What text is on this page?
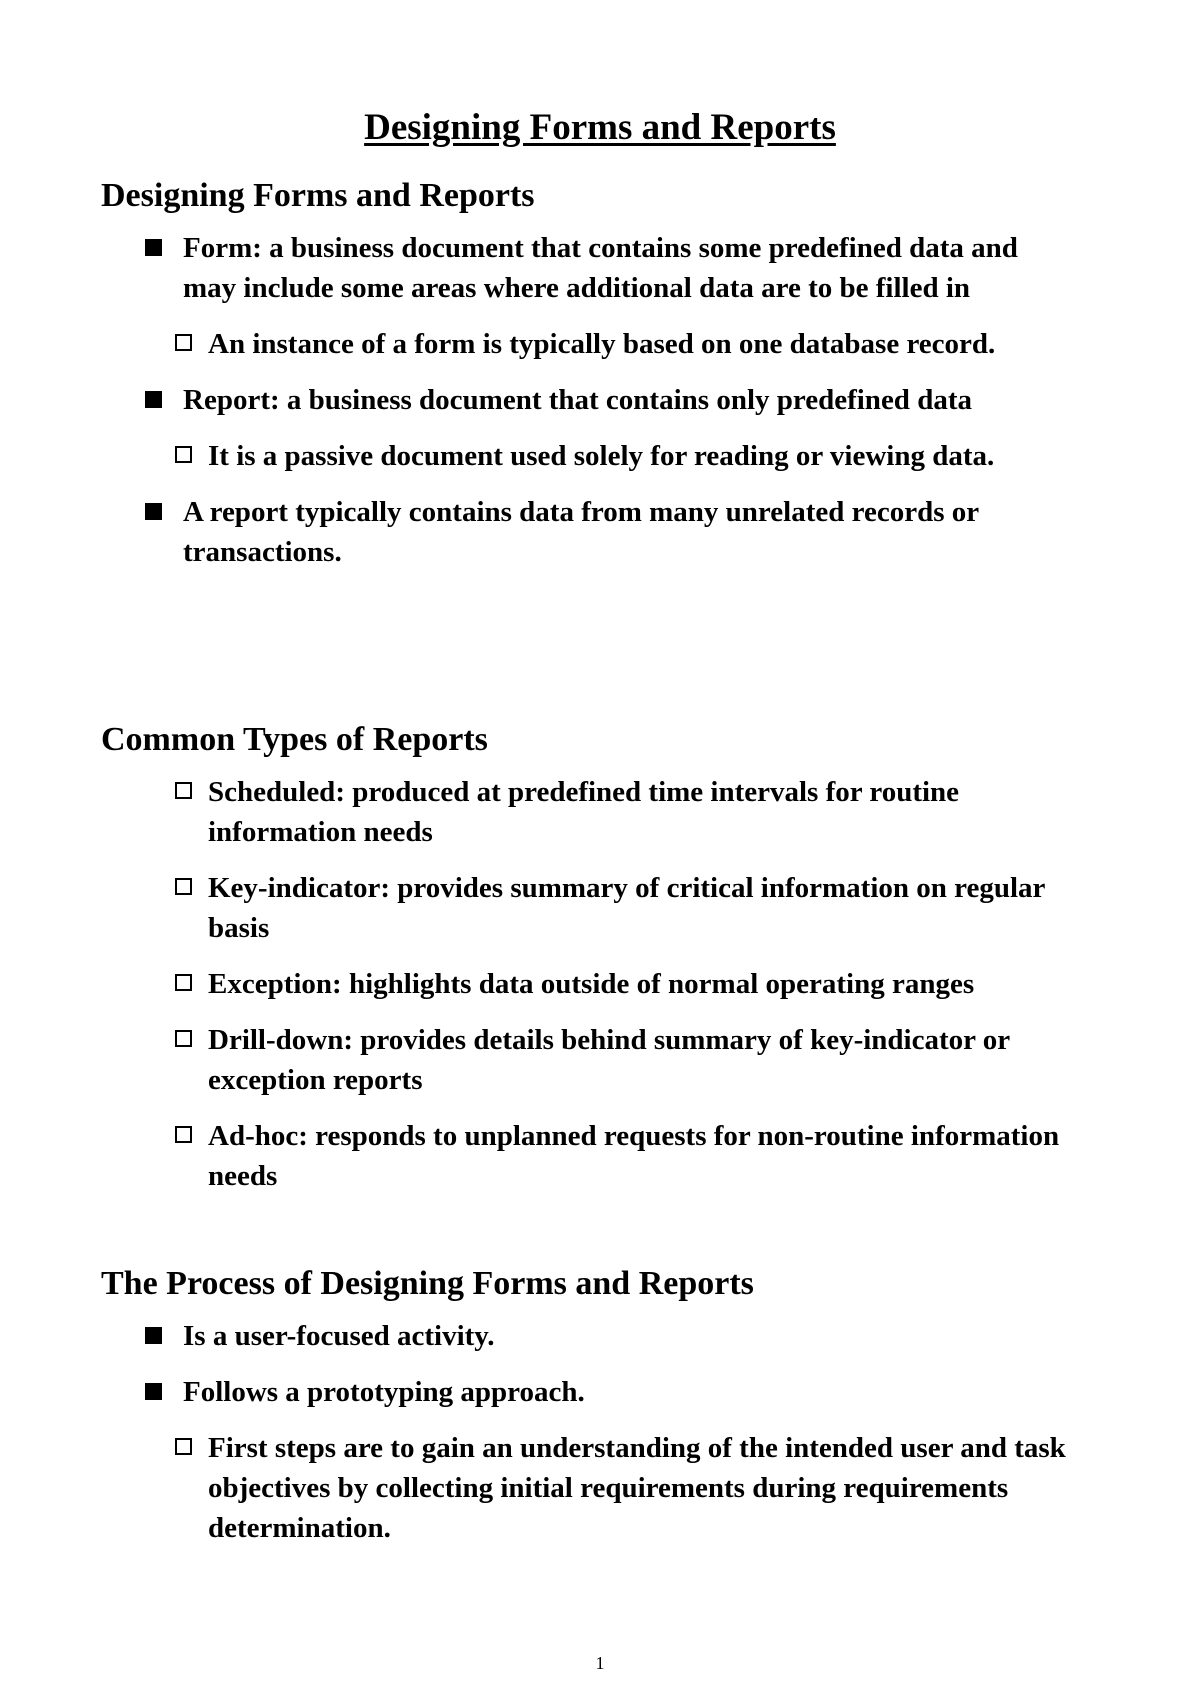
Designing Forms and Reports
Designing Forms and Reports
Form: a business document that contains some predefined data and may include some areas where additional data are to be filled in
An instance of a form is typically based on one database record.
Report: a business document that contains only predefined data
It is a passive document used solely for reading or viewing data.
A report typically contains data from many unrelated records or transactions.
Common Types of Reports
Scheduled: produced at predefined time intervals for routine information needs
Key-indicator: provides summary of critical information on regular basis
Exception: highlights data outside of normal operating ranges
Drill-down: provides details behind summary of key-indicator or exception reports
Ad-hoc: responds to unplanned requests for non-routine information needs
The Process of Designing Forms and Reports
Is a user-focused activity.
Follows a prototyping approach.
First steps are to gain an understanding of the intended user and task objectives by collecting initial requirements during requirements determination.
1
